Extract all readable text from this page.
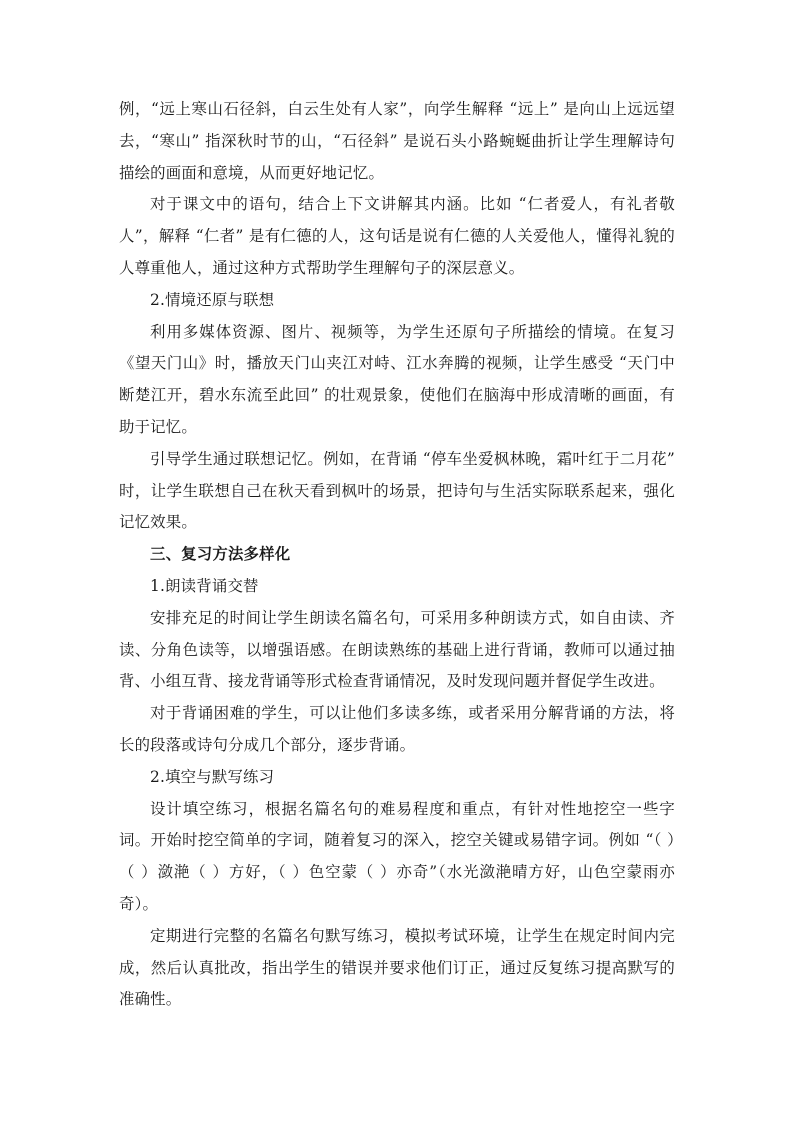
例，“远上寒山石径斜，白云生处有人家”，向学生解释 “远上” 是向山上远远望去，“寒山” 指深秋时节的山，“石径斜” 是说石头小路蜿蜒曲折让学生理解诗句描绘的画面和意境，从而更好地记忆。

对于课文中的语句，结合上下文讲解其内涵。比如 “仁者爱人，有礼者敬人”，解释 “仁者” 是有仁德的人，这句话是说有仁德的人关爱他人，懂得礼貌的人尊重他人，通过这种方式帮助学生理解句子的深层意义。

2.情境还原与联想

利用多媒体资源、图片、视频等，为学生还原句子所描绘的情境。在复习《望天门山》时，播放天门山夹江对峙、江水奔腾的视频，让学生感受 “天门中断楚江开，碧水东流至此回” 的壮观景象，使他们在脑海中形成清晰的画面，有助于记忆。

引导学生通过联想记忆。例如，在背诵 “停车坐爱枫林晚，霜叶红于二月花” 时，让学生联想自己在秋天看到枫叶的场景，把诗句与生活实际联系起来，强化记忆效果。

三、复习方法多样化

1.朗读背诵交替

安排充足的时间让学生朗读名篇名句，可采用多种朗读方式，如自由读、齐读、分角色读等，以增强语感。在朗读熟练的基础上进行背诵，教师可以通过抽背、小组互背、接龙背诵等形式检查背诵情况，及时发现问题并督促学生改进。

对于背诵困难的学生，可以让他们多读多练，或者采用分解背诵的方法，将长的段落或诗句分成几个部分，逐步背诵。

2.填空与默写练习

设计填空练习，根据名篇名句的难易程度和重点，有针对性地挖空一些字词。开始时挖空简单的字词，随着复习的深入，挖空关键或易错字词。例如 “（ ）（ ）潋滟（ ）方好，（ ）色空蒙（ ）亦奇”（水光潋滟晴方好，山色空蒙雨亦奇）。

定期进行完整的名篇名句默写练习，模拟考试环境，让学生在规定时间内完成，然后认真批改，指出学生的错误并要求他们订正，通过反复练习提高默写的准确性。
